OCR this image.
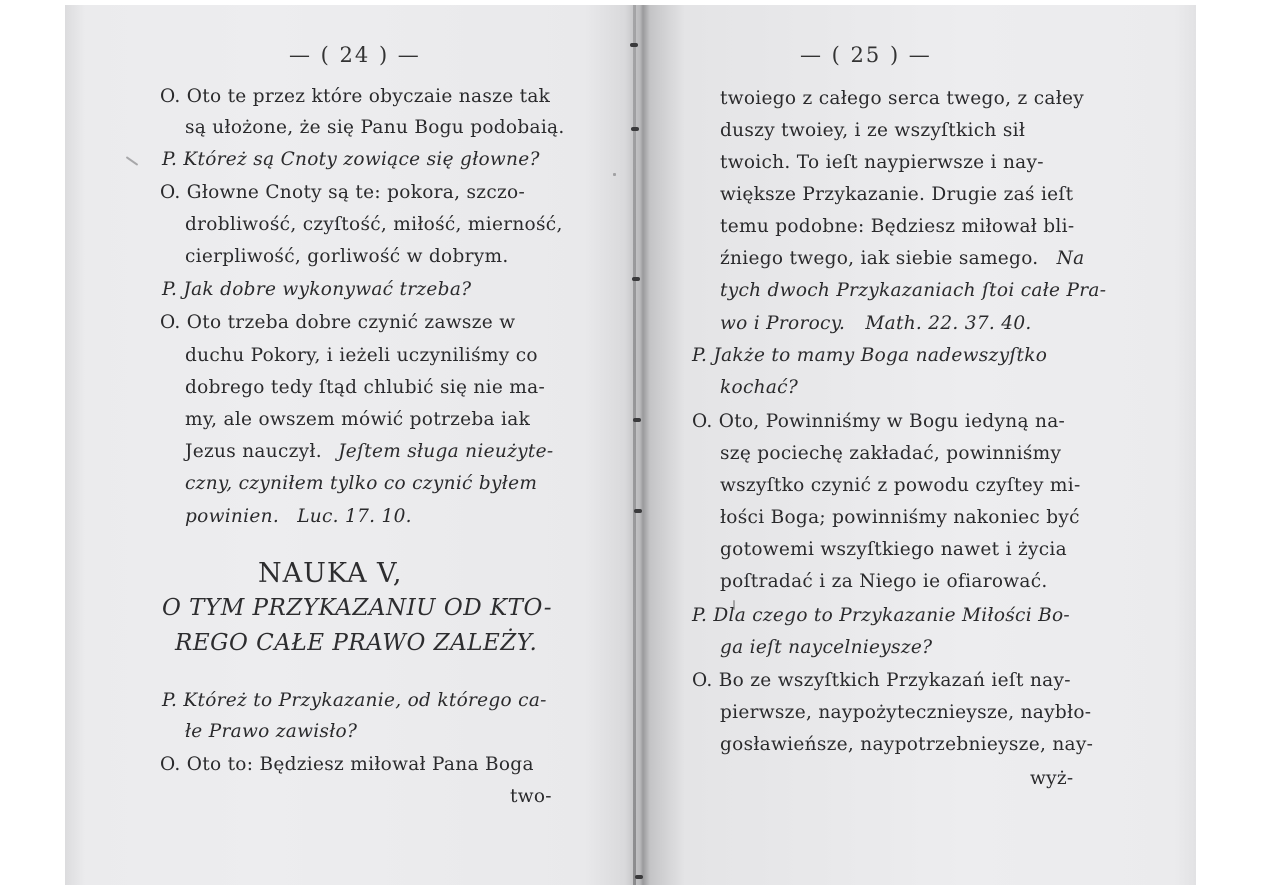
— ( 24 ) —
O. Oto te przez które obyczaie nasze tak
są ułożone, że się Panu Bogu podobaią.
P. Któreż są Cnoty zowiące się głowne?
O. Głowne Cnoty są te: pokora, szczo-
drobliwość, czyſtość, miłość, mierność,
cierpliwość, gorliwość w dobrym.
P. Jak dobre wykonywać trzeba?
O. Oto trzeba dobre czynić zawsze w
duchu Pokory, i ieżeli uczyniliśmy co
dobrego tedy ſtąd chlubić się nie ma-
my, ale owszem mówić potrzeba iak
Jezus nauczył. Jeſtem sługa nieużyte-
czny, czyniłem tylko co czynić byłem
powinien. Luc. 17. 10.
NAUKA V,
O TYM PRZYKAZANIU OD KTO-
REGO CAŁE PRAWO ZALEŻY.
P. Któreż to Przykazanie, od którego ca-
łe Prawo zawisło?
O. Oto to: Będziesz miłował Pana Boga
two-
— ( 25 ) —
twoiego z całego serca twego, z całey
duszy twoiey, i ze wszyſtkich sił
twoich. To ieſt naypierwsze i nay-
większe Przykazanie. Drugie zaś ieſt
temu podobne: Będziesz miłował bli-
źniego twego, iak siebie samego. Na
tych dwoch Przykazaniach ſtoi całe Pra-
wo i Prorocy. Math. 22. 37. 40.
P. Jakże to mamy Boga nadewszyſtko
kochać?
O. Oto, Powinniśmy w Bogu iedyną na-
szę pociechę zakładać, powinniśmy
wszyſtko czynić z powodu czyſtey mi-
łości Boga; powinniśmy nakoniec być
gotowemi wszyſtkiego nawet i życia
poſtradać i za Niego ie ofiarować.
P. Dla czego to Przykazanie Miłości Bo-
ga ieſt naycelnieysze?
O. Bo ze wszyſtkich Przykazań ieſt nay-
pierwsze, naypożytecznieysze, naybło-
gosławieńsze, naypotrzebnieysze, nay-
wyż-
